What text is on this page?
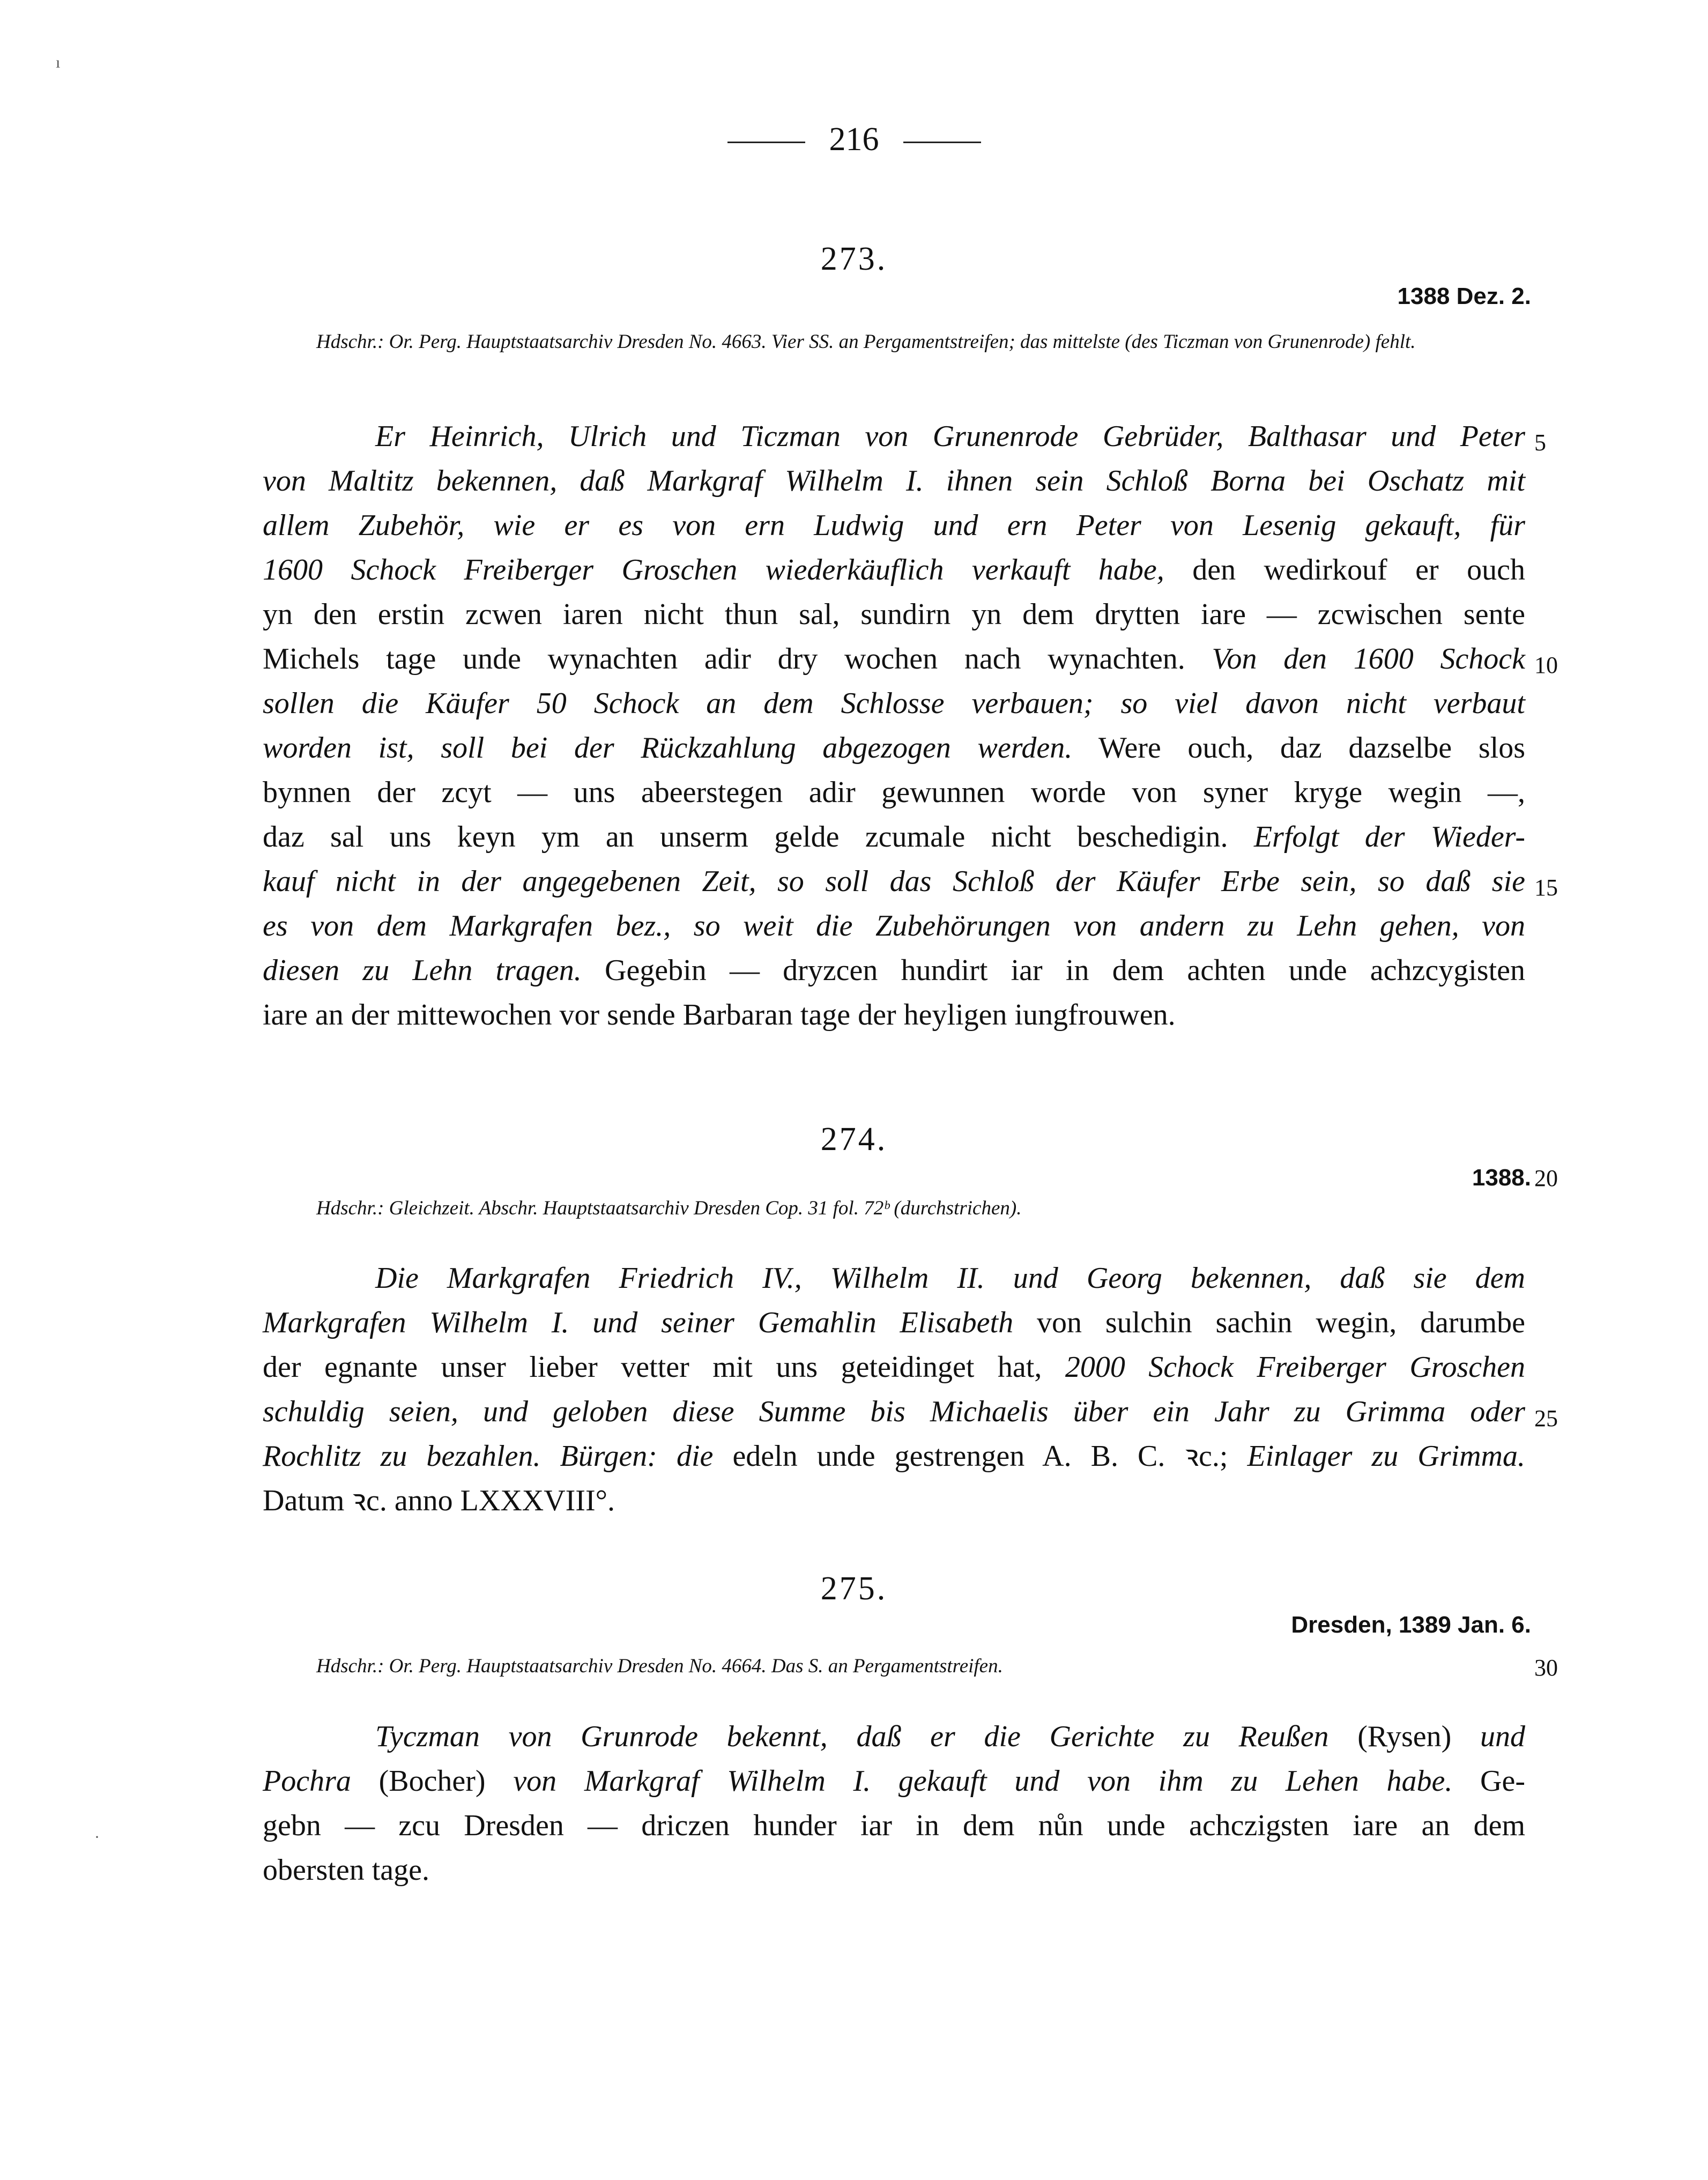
ı
·
216
273.
1388 Dez. 2.
Hdschr.: Or. Perg. Hauptstaatsarchiv Dresden No. 4663. Vier SS. an Pergamentstreifen; das mittelste (des Ticzman von Grunenrode) fehlt.
Er Heinrich, Ulrich und Ticzman von Grunenrode Gebrüder, Balthasar und Peter
von Maltitz bekennen, daß Markgraf Wilhelm I. ihnen sein Schloß Borna bei Oschatz mit
allem Zubehör, wie er es von ern Ludwig und ern Peter von Lesenig gekauft, für
1600 Schock Freiberger Groschen wiederkäuflich verkauft habe, den wedirkouf er ouch
yn den erstin zcwen iaren nicht thun sal, sundirn yn dem drytten iare — zcwischen sente
Michels tage unde wynachten adir dry wochen nach wynachten. Von den 1600 Schock
sollen die Käufer 50 Schock an dem Schlosse verbauen; so viel davon nicht verbaut
worden ist, soll bei der Rückzahlung abgezogen werden. Were ouch, daz dazselbe slos
bynnen der zcyt — uns abeerstegen adir gewunnen worde von syner kryge wegin —,
daz sal uns keyn ym an unserm gelde zcumale nicht beschedigin. Erfolgt der Wieder-
kauf nicht in der angegebenen Zeit, so soll das Schloß der Käufer Erbe sein, so daß sie
es von dem Markgrafen bez., so weit die Zubehörungen von andern zu Lehn gehen, von
diesen zu Lehn tragen. Gegebin — dryzcen hundirt iar in dem achten unde achzcygisten
iare an der mittewochen vor sende Barbaran tage der heyligen iungfrouwen.
274.
1388.
Hdschr.: Gleichzeit. Abschr. Hauptstaatsarchiv Dresden Cop. 31 fol. 72ᵇ (durchstrichen).
Die Markgrafen Friedrich IV., Wilhelm II. und Georg bekennen, daß sie dem
Markgrafen Wilhelm I. und seiner Gemahlin Elisabeth von sulchin sachin wegin, darumbe
der egnante unser lieber vetter mit uns geteidinget hat, 2000 Schock Freiberger Groschen
schuldig seien, und geloben diese Summe bis Michaelis über ein Jahr zu Grimma oder
Rochlitz zu bezahlen. Bürgen: die edeln unde gestrengen A. B. C. ꝛc.; Einlager zu Grimma.
Datum ꝛc. anno LXXXVIII°.
275.
Dresden, 1389 Jan. 6.
Hdschr.: Or. Perg. Hauptstaatsarchiv Dresden No. 4664. Das S. an Pergamentstreifen.
Tyczman von Grunrode bekennt, daß er die Gerichte zu Reußen (Rysen) und
Pochra (Bocher) von Markgraf Wilhelm I. gekauft und von ihm zu Lehen habe. Ge-
gebn — zcu Dresden — driczen hunder iar in dem nůn unde achczigsten iare an dem
obersten tage.
5
10
15
20
25
30
